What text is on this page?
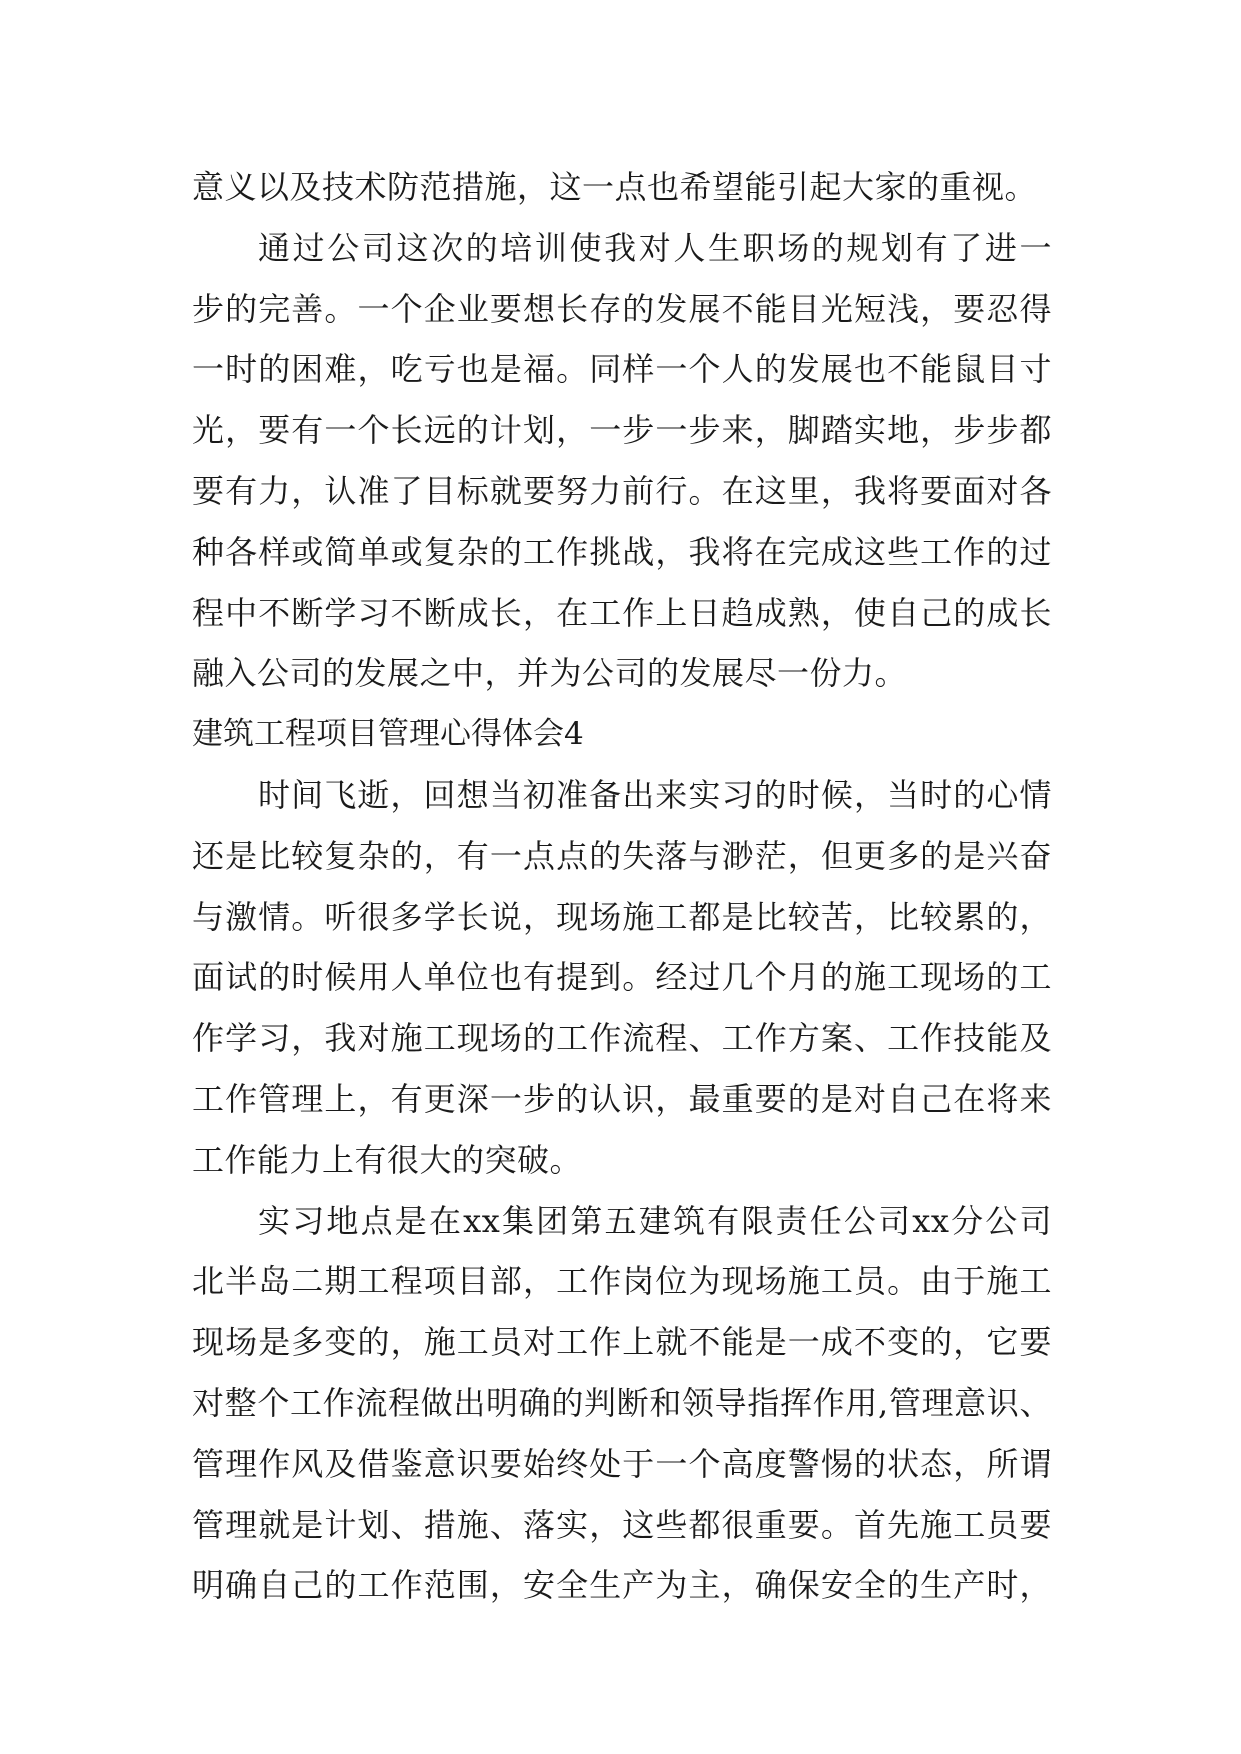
意义以及技术防范措施，这一点也希望能引起大家的重视。
通过公司这次的培训使我对人生职场的规划有了进一
步的完善。一个企业要想长存的发展不能目光短浅，要忍得
一时的困难，吃亏也是福。同样一个人的发展也不能鼠目寸
光，要有一个长远的计划，一步一步来，脚踏实地，步步都
要有力，认准了目标就要努力前行。在这里，我将要面对各
种各样或简单或复杂的工作挑战，我将在完成这些工作的过
程中不断学习不断成长，在工作上日趋成熟，使自己的成长
融入公司的发展之中，并为公司的发展尽一份力。
建筑工程项目管理心得体会4
时间飞逝，回想当初准备出来实习的时候，当时的心情
还是比较复杂的，有一点点的失落与渺茫，但更多的是兴奋
与激情。听很多学长说，现场施工都是比较苦，比较累的，
面试的时候用人单位也有提到。经过几个月的施工现场的工
作学习，我对施工现场的工作流程、工作方案、工作技能及
工作管理上，有更深一步的认识，最重要的是对自己在将来
工作能力上有很大的突破。
实习地点是在xx集团第五建筑有限责任公司xx分公司
北半岛二期工程项目部，工作岗位为现场施工员。由于施工
现场是多变的，施工员对工作上就不能是一成不变的，它要
对整个工作流程做出明确的判断和领导指挥作用,管理意识、
管理作风及借鉴意识要始终处于一个高度警惕的状态，所谓
管理就是计划、措施、落实，这些都很重要。首先施工员要
明确自己的工作范围，安全生产为主，确保安全的生产时，
